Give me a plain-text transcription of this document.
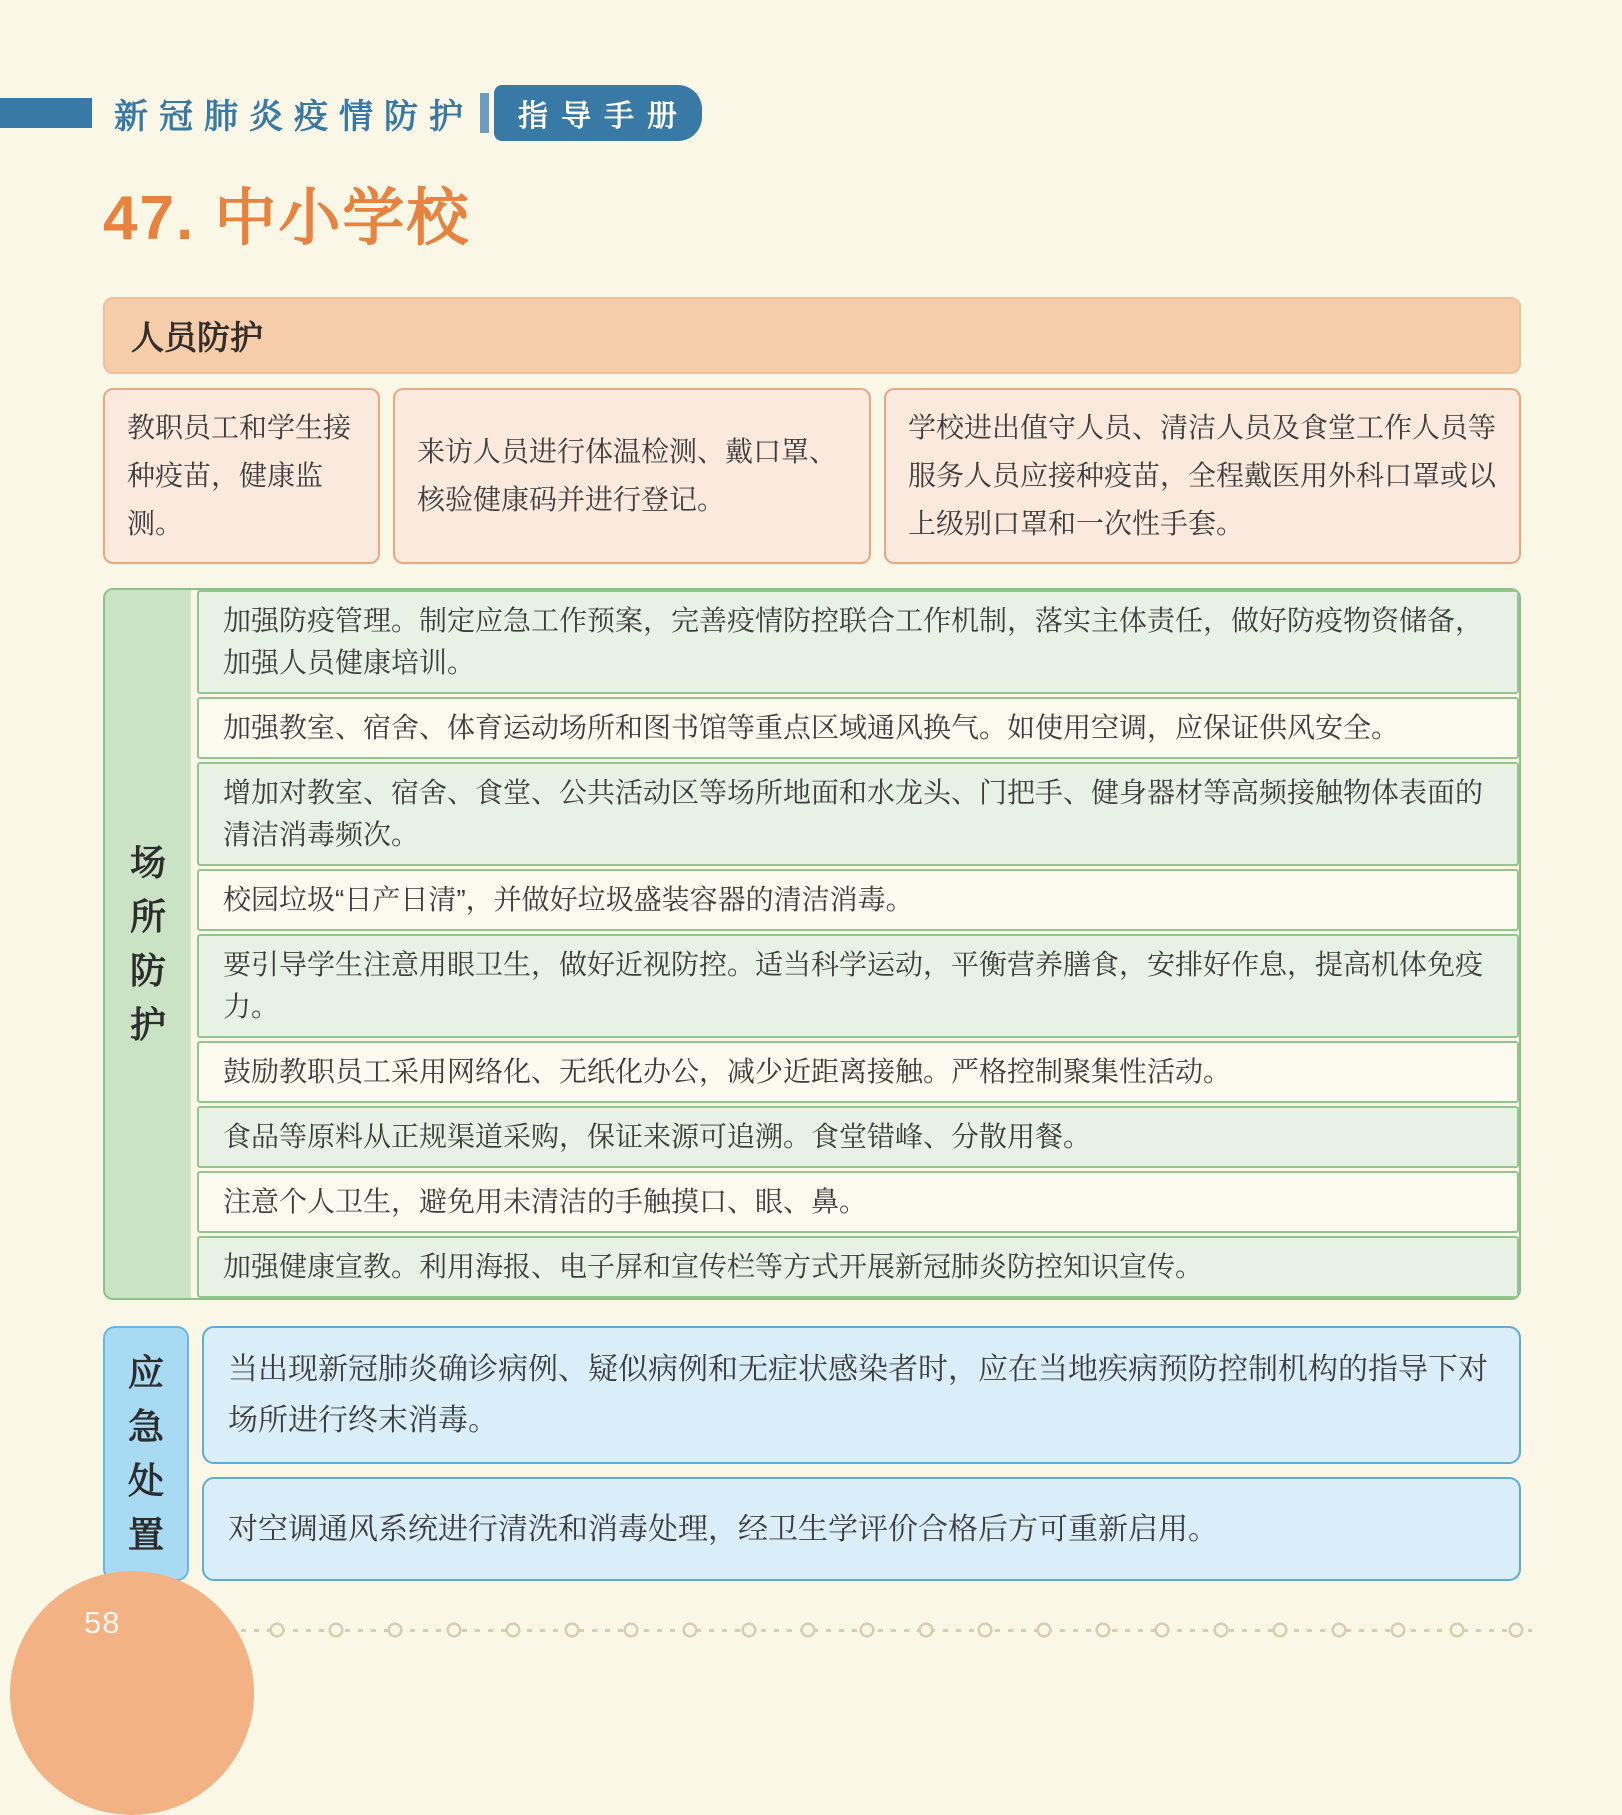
新冠肺炎疫情防护	指导手册
47. 中小学校
人员防护
教职员工和学生接种疫苗，健康监测。
来访人员进行体温检测、戴口罩、核验健康码并进行登记。
学校进出值守人员、清洁人员及食堂工作人员等服务人员应接种疫苗，全程戴医用外科口罩或以上级别口罩和一次性手套。
场所防护
加强防疫管理。制定应急工作预案，完善疫情防控联合工作机制，落实主体责任，做好防疫物资储备，加强人员健康培训。
加强教室、宿舍、体育运动场所和图书馆等重点区域通风换气。如使用空调，应保证供风安全。
增加对教室、宿舍、食堂、公共活动区等场所地面和水龙头、门把手、健身器材等高频接触物体表面的清洁消毒频次。
校园垃圾“日产日清”，并做好垃圾盛装容器的清洁消毒。
要引导学生注意用眼卫生，做好近视防控。适当科学运动，平衡营养膳食，安排好作息，提高机体免疫力。
鼓励教职员工采用网络化、无纸化办公，减少近距离接触。严格控制聚集性活动。
食品等原料从正规渠道采购，保证来源可追溯。食堂错峰、分散用餐。
注意个人卫生，避免用未清洁的手触摸口、眼、鼻。
加强健康宣教。利用海报、电子屏和宣传栏等方式开展新冠肺炎防控知识宣传。
应急处置
当出现新冠肺炎确诊病例、疑似病例和无症状感染者时，应在当地疾病预防控制机构的指导下对场所进行终末消毒。
对空调通风系统进行清洗和消毒处理，经卫生学评价合格后方可重新启用。
58
